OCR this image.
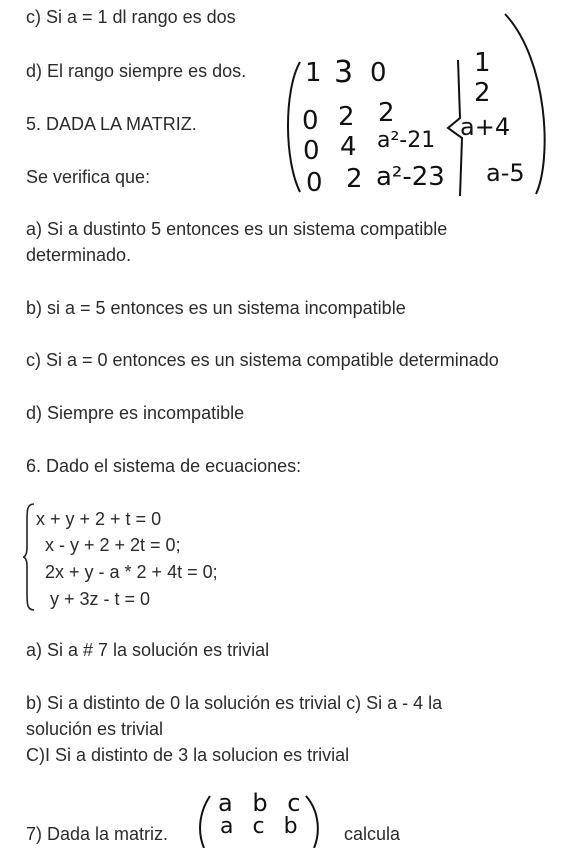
c) Si a = 1 dl rango es dos
d) El rango siempre es dos.
5. DADA LA MATRIZ.
Se verifica que:
a) Si a dustinto 5 entonces es un sistema compatible
determinado.
b) si a = 5 entonces es un sistema incompatible
c) Si a = 0 entonces es un sistema compatible determinado
d) Siempre es incompatible
6. Dado el sistema de ecuaciones:
a) Si a # 7 la solución es trivial
b) Si a distinto de 0 la solución es trivial c) Si a - 4 la
solución es trivial
C)I Si a distinto de 3 la solucion es trivial
7) Dada la matriz.	calcula
x + y + 2 + t = 0
x - y + 2 + 2t = 0;
2x + y - a * 2 + 4t = 0;
y + 3z - t = 0
1 3 0
0 2 2
0 4 a²-21
0 2 a²-23
1
2
a+4
a-5
a b c
a c b
